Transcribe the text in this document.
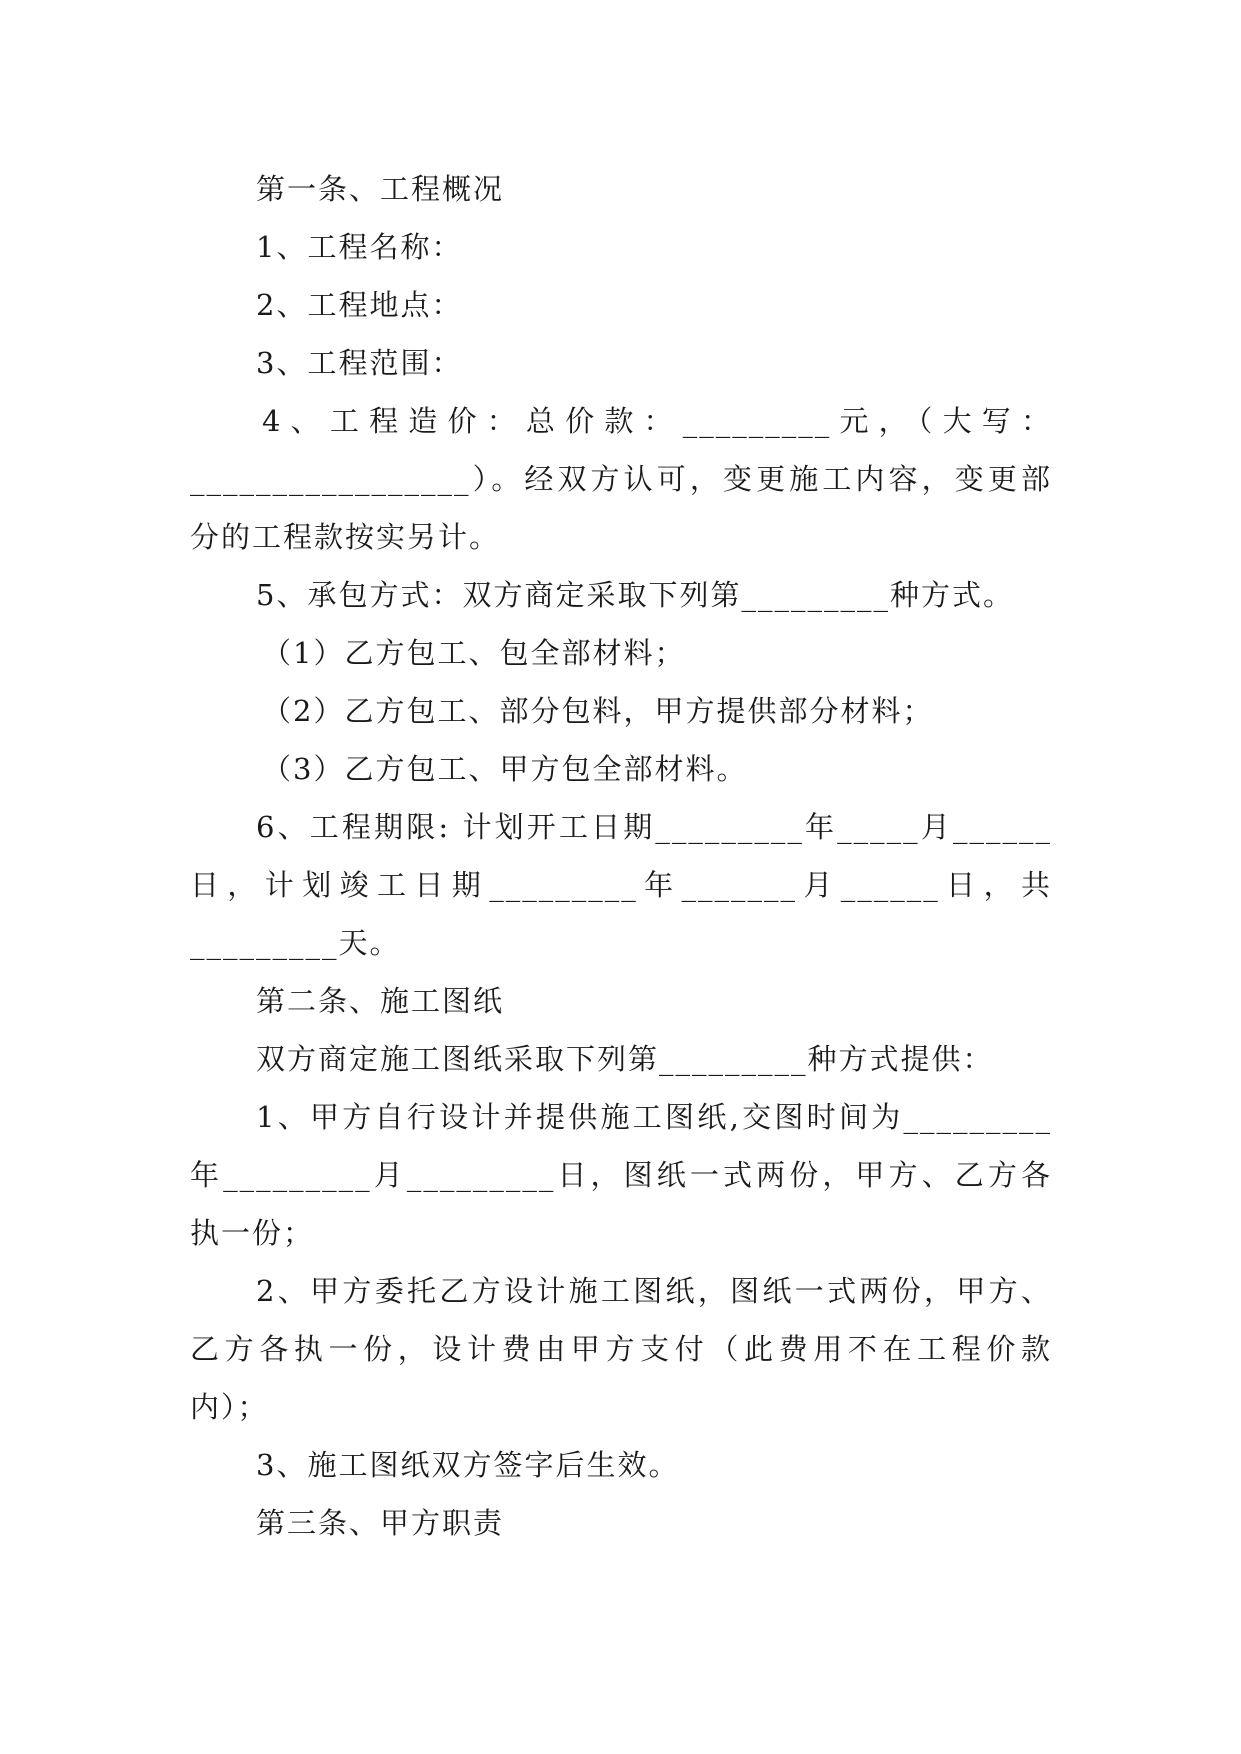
第一条、工程概况
1、工程名称：
2、工程地点：
3、工程范围：
4、工程造价：总价款：_________元，（大写：
_________________）。经双方认可，变更施工内容，变更部
分的工程款按实另计。
5、承包方式：双方商定采取下列第_________种方式。
（1）乙方包工、包全部材料；
（2）乙方包工、部分包料，甲方提供部分材料；
（3）乙方包工、甲方包全部材料。
6、工程期限: 计划开工日期_________年_____月______
日，计划竣工日期_________年_______月______日，共
_________天。
第二条、施工图纸
双方商定施工图纸采取下列第_________种方式提供：
1、甲方自行设计并提供施工图纸,交图时间为_________
年_________月_________日，图纸一式两份，甲方、乙方各
执一份；
2、甲方委托乙方设计施工图纸，图纸一式两份，甲方、
乙方各执一份，设计费由甲方支付（此费用不在工程价款
内）；
3、施工图纸双方签字后生效。
第三条、甲方职责
